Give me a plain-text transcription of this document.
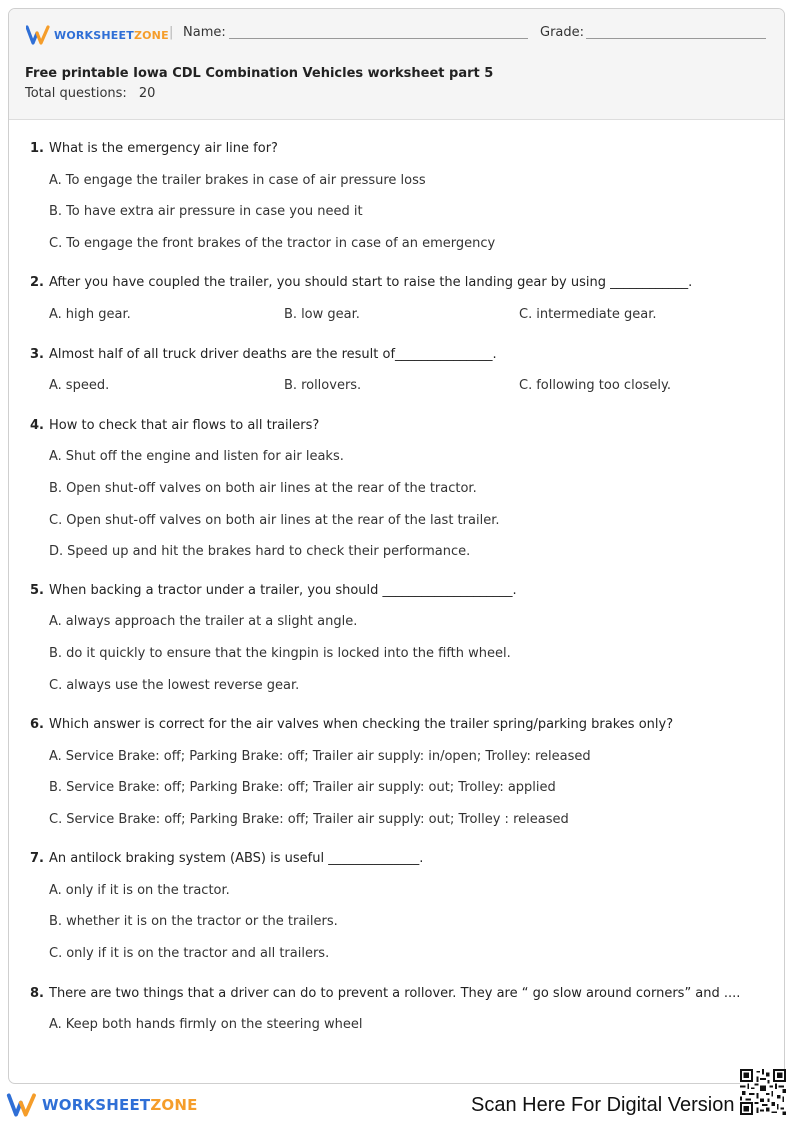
WORKSHEETZONE | Name:	Grade:
Free printable Iowa CDL Combination Vehicles worksheet part 5
Total questions: 20
1. What is the emergency air line for?
A. To engage the trailer brakes in case of air pressure loss
B. To have extra air pressure in case you need it
C. To engage the front brakes of the tractor in case of an emergency
2. After you have coupled the trailer, you should start to raise the landing gear by using ____________.
A. high gear.	B. low gear.	C. intermediate gear.
3. Almost half of all truck driver deaths are the result of_______________.
A. speed.	B. rollovers.	C. following too closely.
4. How to check that air flows to all trailers?
A. Shut off the engine and listen for air leaks.
B. Open shut-off valves on both air lines at the rear of the tractor.
C. Open shut-off valves on both air lines at the rear of the last trailer.
D. Speed up and hit the brakes hard to check their performance.
5. When backing a tractor under a trailer, you should ____________________.
A. always approach the trailer at a slight angle.
B. do it quickly to ensure that the kingpin is locked into the fifth wheel.
C. always use the lowest reverse gear.
6. Which answer is correct for the air valves when checking the trailer spring/parking brakes only?
A. Service Brake: off; Parking Brake: off; Trailer air supply: in/open; Trolley: released
B. Service Brake: off; Parking Brake: off; Trailer air supply: out; Trolley: applied
C. Service Brake: off; Parking Brake: off; Trailer air supply: out; Trolley : released
7. An antilock braking system (ABS) is useful ______________.
A. only if it is on the tractor.
B. whether it is on the tractor or the trailers.
C. only if it is on the tractor and all trailers.
8. There are two things that a driver can do to prevent a rollover. They are “ go slow around corners” and ....
A. Keep both hands firmly on the steering wheel
WORKSHEETZONE	Scan Here For Digital Version
